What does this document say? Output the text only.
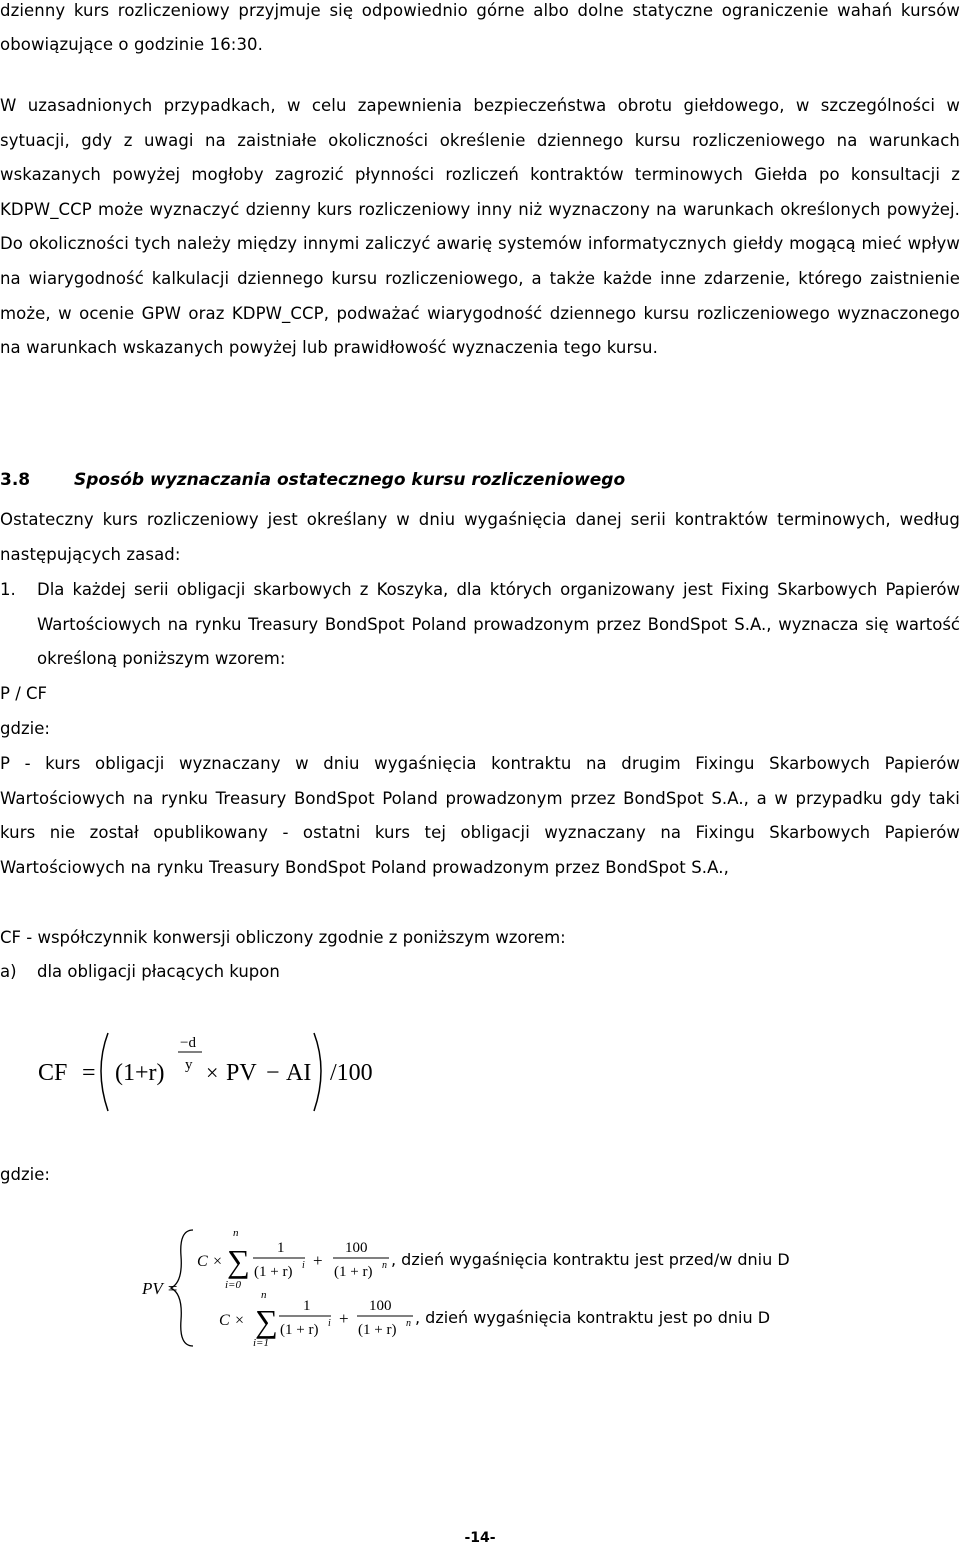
dzienny kurs rozliczeniowy przyjmuje się odpowiednio górne albo dolne statyczne ograniczenie wahań kursów obowiązujące o godzinie 16:30.

W uzasadnionych przypadkach, w celu zapewnienia bezpieczeństwa obrotu giełdowego, w szczególności w sytuacji, gdy z uwagi na zaistniałe okoliczności określenie dziennego kursu rozliczeniowego na warunkach wskazanych powyżej mogłoby zagrozić płynności rozliczeń kontraktów terminowych Giełda po konsultacji z KDPW_CCP może wyznaczyć dzienny kurs rozliczeniowy inny niż wyznaczony na warunkach określonych powyżej. Do okoliczności tych należy między innymi zaliczyć awarię systemów informatycznych giełdy mogącą mieć wpływ na wiarygodność kalkulacji dziennego kursu rozliczeniowego, a także każde inne zdarzenie, którego zaistnienie może, w ocenie GPW oraz KDPW_CCP, podważać wiarygodność dziennego kursu rozliczeniowego wyznaczonego na warunkach wskazanych powyżej lub prawidłowość wyznaczenia tego kursu.

3.8	Sposób wyznaczania ostatecznego kursu rozliczeniowego

Ostateczny kurs rozliczeniowy jest określany w dniu wygaśnięcia danej serii kontraktów terminowych, według następujących zasad:

1. Dla każdej serii obligacji skarbowych z Koszyka, dla których organizowany jest Fixing Skarbowych Papierów Wartościowych na rynku Treasury BondSpot Poland prowadzonym przez BondSpot S.A., wyznacza się wartość określoną poniższym wzorem:

P / CF
gdzie:

P - kurs obligacji wyznaczany w dniu wygaśnięcia kontraktu na drugim Fixingu Skarbowych Papierów Wartościowych na rynku Treasury BondSpot Poland prowadzonym przez BondSpot S.A., a w przypadku gdy taki kurs nie został opublikowany - ostatni kurs tej obligacji wyznaczany na Fixingu Skarbowych Papierów Wartościowych na rynku Treasury BondSpot Poland prowadzonym przez BondSpot S.A.,

CF - współczynnik konwersji obliczony zgodnie z poniższym wzorem:
a) dla obligacji płacących kupon
CF = (1+r)
−d
y × PV − AI /100
gdzie:
PV =
C ×
n
∑
i=0
1
(1 + r) i +
100
(1 + r) n , dzień wygaśnięcia kontraktu jest przed/w dniu D
C ×
n
∑
i=1
1
(1 + r) i +
100
(1 + r) n , dzień wygaśnięcia kontraktu jest po dniu D
-14-
